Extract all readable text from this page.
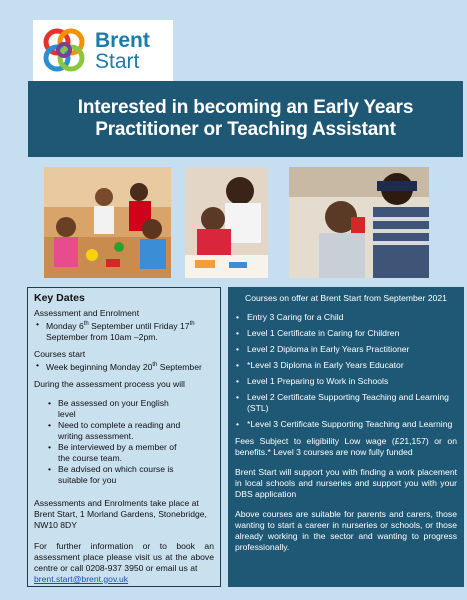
Brent
Start
Interested in becoming an Early Years
Practitioner or Teaching Assistant
Key Dates

Assessment and Enrolment

• Monday 6th September until Friday 17th September from 10am –2pm.

Courses start

• Week beginning Monday 20th September

During the assessment process you will

• Be assessed on your English level
• Need to complete a reading and writing assessment.
• Be interviewed by a member of the course team.
• Be advised on which course is suitable for you

Assessments and Enrolments take place at Brent Start, 1 Morland Gardens, Stonebridge, NW10 8DY

For further information or to book an assessment place please visit us at the above centre or call 0208-937 3950 or email us at

brent.start@brent.gov.uk
Courses on offer at Brent Start from September 2021
• Entry 3 Caring for a Child
• Level 1 Certificate in Caring for Children
• Level 2 Diploma in Early Years Practitioner
• *Level 3 Diploma in Early Years Educator
• Level 1 Preparing to Work in Schools
• Level 2 Certificate Supporting Teaching and Learning (STL)
• *Level 3 Certificate Supporting Teaching and Learning

Fees Subject to eligibility Low wage (£21,157) or on benefits.* Level 3 courses are now fully funded

Brent Start will support you with finding a work placement in local schools and nurseries and support you with your DBS application

Above courses are suitable for parents and carers, those wanting to start a career in nurseries or schools, or those already working in the sector and wanting to progress professionally.
